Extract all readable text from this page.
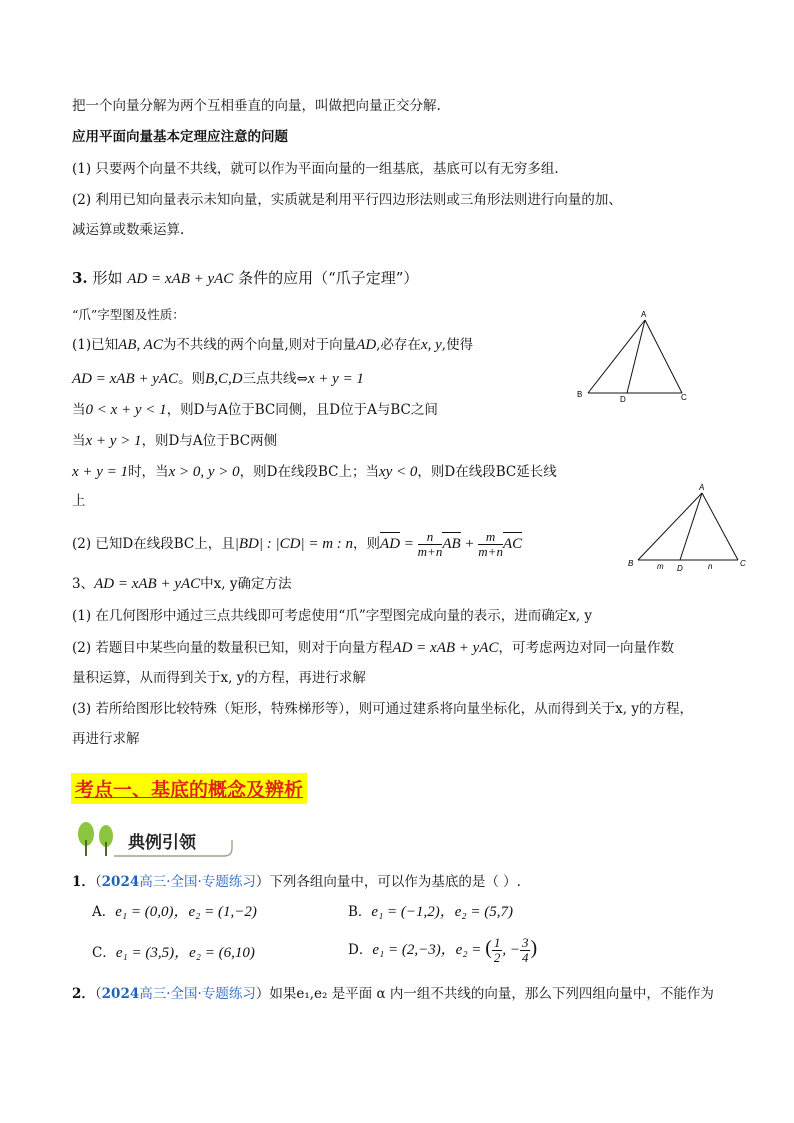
把一个向量分解为两个互相垂直的向量，叫做把向量正交分解.
应用平面向量基本定理应注意的问题
(1) 只要两个向量不共线，就可以作为平面向量的一组基底，基底可以有无穷多组.
(2) 利用已知向量表示未知向量，实质就是利用平行四边形法则或三角形法则进行向量的加、
减运算或数乘运算.
3. 形如 AD = xAB + yAC 条件的应用（“爪子定理”）
“爪”字型图及性质：
(1)已知AB, AC为不共线的两个向量,则对于向量AD,必存在x, y,使得
AD = xAB + yAC。则B,C,D三点共线⇔x + y = 1
当0 < x + y < 1，则D与A位于BC同侧，且D位于A与BC之间
当x + y > 1，则D与A位于BC两侧
x + y = 1时，当x > 0, y > 0，则D在线段BC上；当xy < 0，则D在线段BC延长线
上
(2) 已知D在线段BC上，且|BD| : |CD| = m : n，则AD = $\frac{n}{m+n}$ AB + $\frac{m}{m+n}$ AC
3、AD = xAB + yAC中x, y确定方法
(1) 在几何图形中通过三点共线即可考虑使用“爪”字型图完成向量的表示，进而确定x, y
(2) 若题目中某些向量的数量积已知，则对于向量方程AD = xAB + yAC，可考虑两边对同一向量作数
量积运算，从而得到关于x, y的方程，再进行求解
(3) 若所给图形比较特殊（矩形，特殊梯形等），则可通过建系将向量坐标化，从而得到关于x, y的方程，
再进行求解
A
B
D	C
A
B	m D	n	C
考点一、基底的概念及辨析
典例引领
1．（2024高三·全国·专题练习）下列各组向量中，可以作为基底的是（ ）.
A．e₁ = (0,0)，e₂ = (1,−2)	B．e₁ = (−1,2)，e₂ = (5,7)
C．e₁ = (3,5)，e₂ = (6,10)	D．e₁ = (2,−3)，e₂ = ( $\frac{1}{2}$ , − $\frac{3}{4}$ )
2．（2024高三·全国·专题练习）如果e₁,e₂ 是平面 α 内一组不共线的向量，那么下列四组向量中，不能作为
